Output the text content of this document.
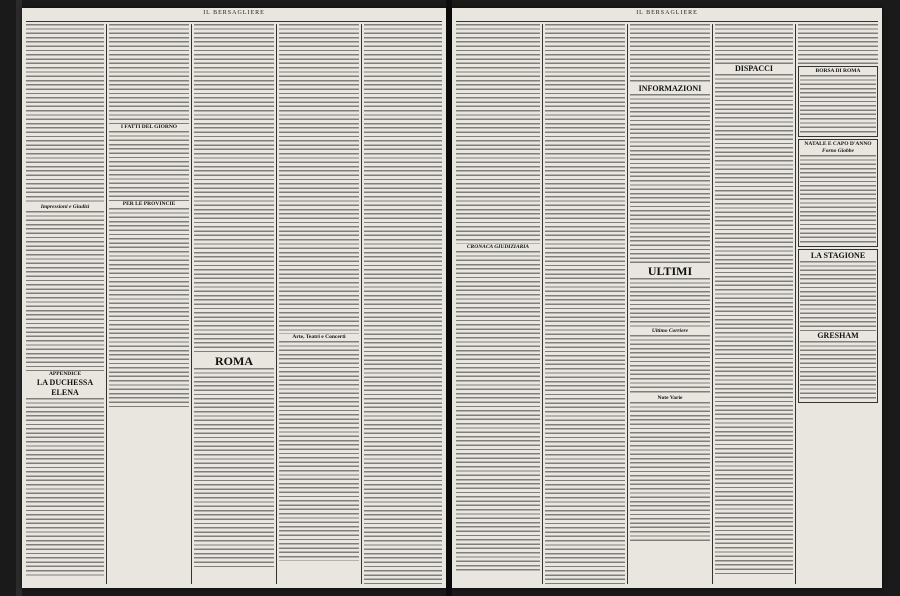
IL BERSAGLIERE
Impressioni e Giudizi
APPENDICE
LA DUCHESSA ELENA
I FATTI DEL GIORNO
PER LE PROVINCIE
ROMA
Arte, Teatri e Concerti
IL BERSAGLIERE
CRONACA GIUDIZIARIA
INFORMAZIONI
ULTIMI
Ultimo Corriere
Note Varie
DISPACCI	BORSA DI ROMA
NATALE E CAPO D'ANNO
Forno Giobbe
LA STAGIONE
GRESHAM
